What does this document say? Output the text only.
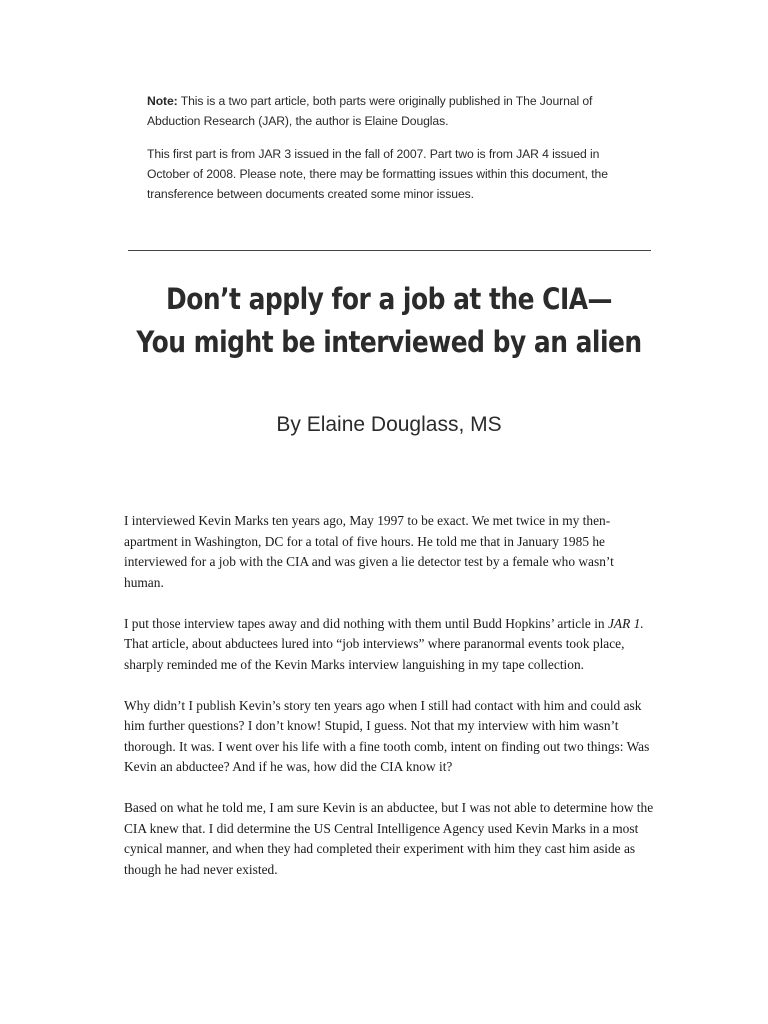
Note: This is a two part article, both parts were originally published in The Journal of Abduction Research (JAR), the author is Elaine Douglas.

This first part is from JAR 3 issued in the fall of 2007. Part two is from JAR 4 issued in October of 2008. Please note, there may be formatting issues within this document, the transference between documents created some minor issues.

Don’t apply for a job at the CIA—
You might be interviewed by an alien
By Elaine Douglass, MS

I interviewed Kevin Marks ten years ago, May 1997 to be exact. We met twice in my then-apartment in Washington, DC for a total of five hours. He told me that in January 1985 he interviewed for a job with the CIA and was given a lie detector test by a female who wasn’t human.

I put those interview tapes away and did nothing with them until Budd Hopkins’ article in JAR 1. That article, about abductees lured into “job interviews” where paranormal events took place, sharply reminded me of the Kevin Marks interview languishing in my tape collection.

Why didn’t I publish Kevin’s story ten years ago when I still had contact with him and could ask him further questions? I don’t know! Stupid, I guess. Not that my interview with him wasn’t thorough. It was. I went over his life with a fine tooth comb, intent on finding out two things: Was Kevin an abductee? And if he was, how did the CIA know it?

Based on what he told me, I am sure Kevin is an abductee, but I was not able to determine how the CIA knew that. I did determine the US Central Intelligence Agency used Kevin Marks in a most cynical manner, and when they had completed their experiment with him they cast him aside as though he had never existed.
